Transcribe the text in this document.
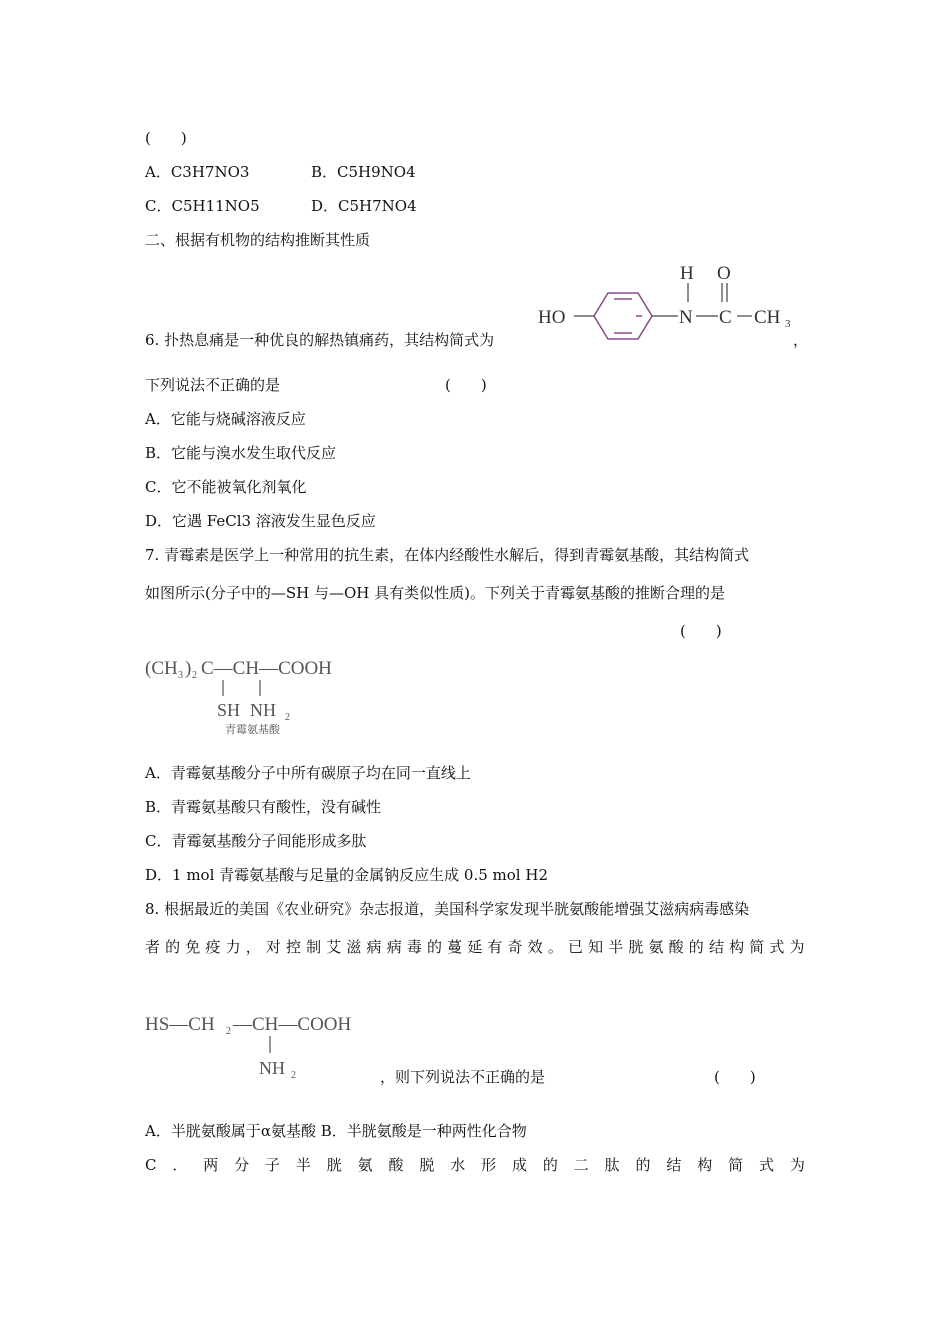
(　　)
A．C3H7NO3	B．C5H9NO4
C．C5H11NO5	D．C5H7NO4
二、根据有机物的结构推断其性质
6. 扑热息痛是一种优良的解热镇痛药，其结构简式为
HO
H O
N C CH 3
，
下列说法不正确的是	(　　)
A．它能与烧碱溶液反应
B．它能与溴水发生取代反应
C．它不能被氧化剂氧化
D．它遇 FeCl3 溶液发生显色反应
7. 青霉素是医学上一种常用的抗生素，在体内经酸性水解后，得到青霉氨基酸，其结构简式
如图所示(分子中的—SH 与—OH 具有类似性质)。下列关于青霉氨基酸的推断合理的是
(　　)
(CH 3 ) 2 C—CH—COOH
SH NH 2
青霉氨基酸
A．青霉氨基酸分子中所有碳原子均在同一直线上
B．青霉氨基酸只有酸性，没有碱性
C．青霉氨基酸分子间能形成多肽
D．1 mol 青霉氨基酸与足量的金属钠反应生成 0.5 mol H2
8. 根据最近的美国《农业研究》杂志报道，美国科学家发现半胱氨酸能增强艾滋病病毒感染
者 的 免 疫 力 ， 对 控 制 艾 滋 病 病 毒 的 蔓 延 有 奇 效 。 已 知 半 胱 氨 酸 的 结 构 简 式 为
HS—CH 2 —CH—COOH
NH 2	，则下列说法不正确的是	(　　)
A．半胱氨酸属于α氨基酸 B．半胱氨酸是一种两性化合物
C ． 两 分 子 半 胱 氨 酸 脱 水 形 成 的 二 肽 的 结 构 简 式 为
